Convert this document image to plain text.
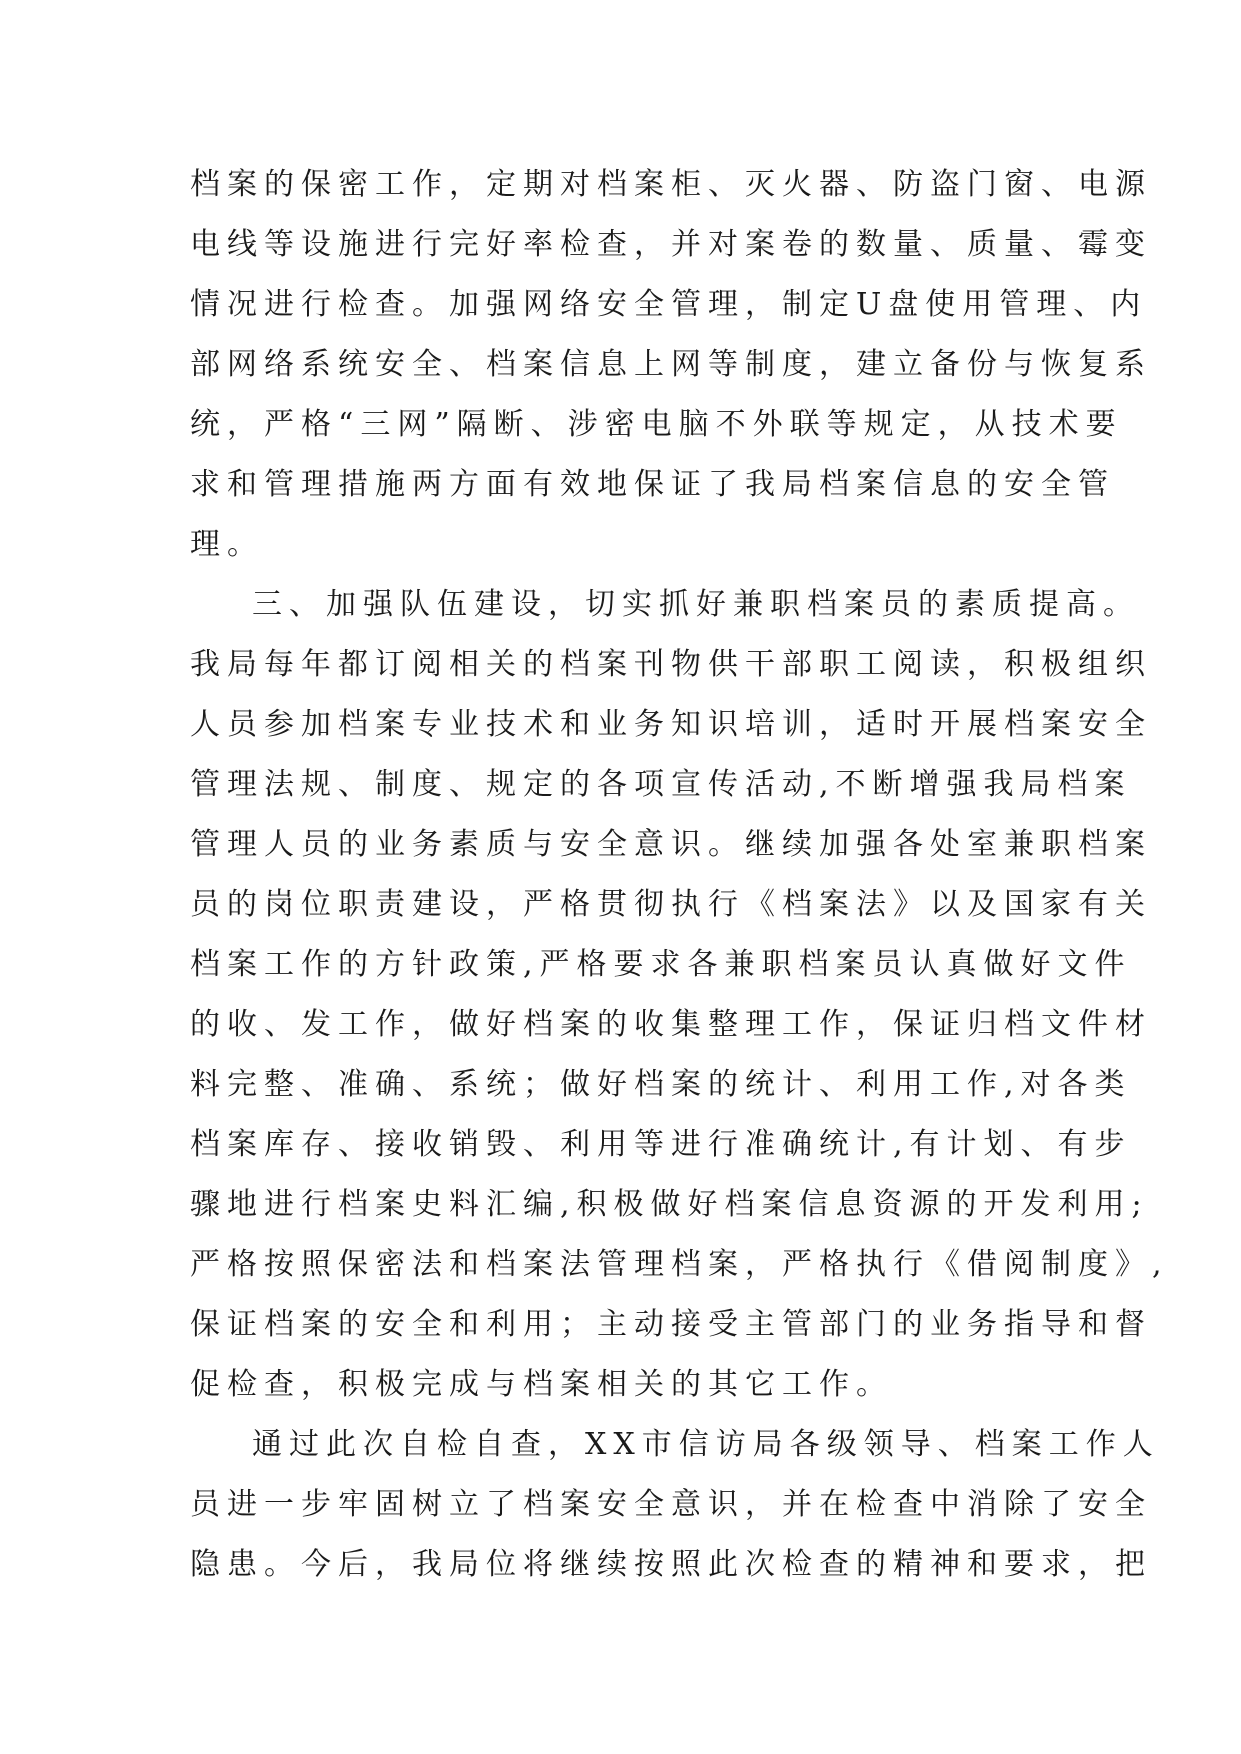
档案的保密工作，定期对档案柜、灭火器、防盗门窗、电源
电线等设施进行完好率检查，并对案卷的数量、质量、霉变
情况进行检查。加强网络安全管理，制定U盘使用管理、内
部网络系统安全、档案信息上网等制度，建立备份与恢复系
统，严格“三网”隔断、涉密电脑不外联等规定，从技术要
求和管理措施两方面有效地保证了我局档案信息的安全管
理。
三、加强队伍建设，切实抓好兼职档案员的素质提高。
我局每年都订阅相关的档案刊物供干部职工阅读，积极组织
人员参加档案专业技术和业务知识培训，适时开展档案安全
管理法规、制度、规定的各项宣传活动,不断增强我局档案
管理人员的业务素质与安全意识。继续加强各处室兼职档案
员的岗位职责建设，严格贯彻执行《档案法》以及国家有关
档案工作的方针政策,严格要求各兼职档案员认真做好文件
的收、发工作，做好档案的收集整理工作，保证归档文件材
料完整、准确、系统；做好档案的统计、利用工作,对各类
档案库存、接收销毁、利用等进行准确统计,有计划、有步
骤地进行档案史料汇编,积极做好档案信息资源的开发利用;
严格按照保密法和档案法管理档案，严格执行《借阅制度》,
保证档案的安全和利用；主动接受主管部门的业务指导和督
促检查，积极完成与档案相关的其它工作。
通过此次自检自查，XX市信访局各级领导、档案工作人
员进一步牢固树立了档案安全意识，并在检查中消除了安全
隐患。今后，我局位将继续按照此次检查的精神和要求，把
